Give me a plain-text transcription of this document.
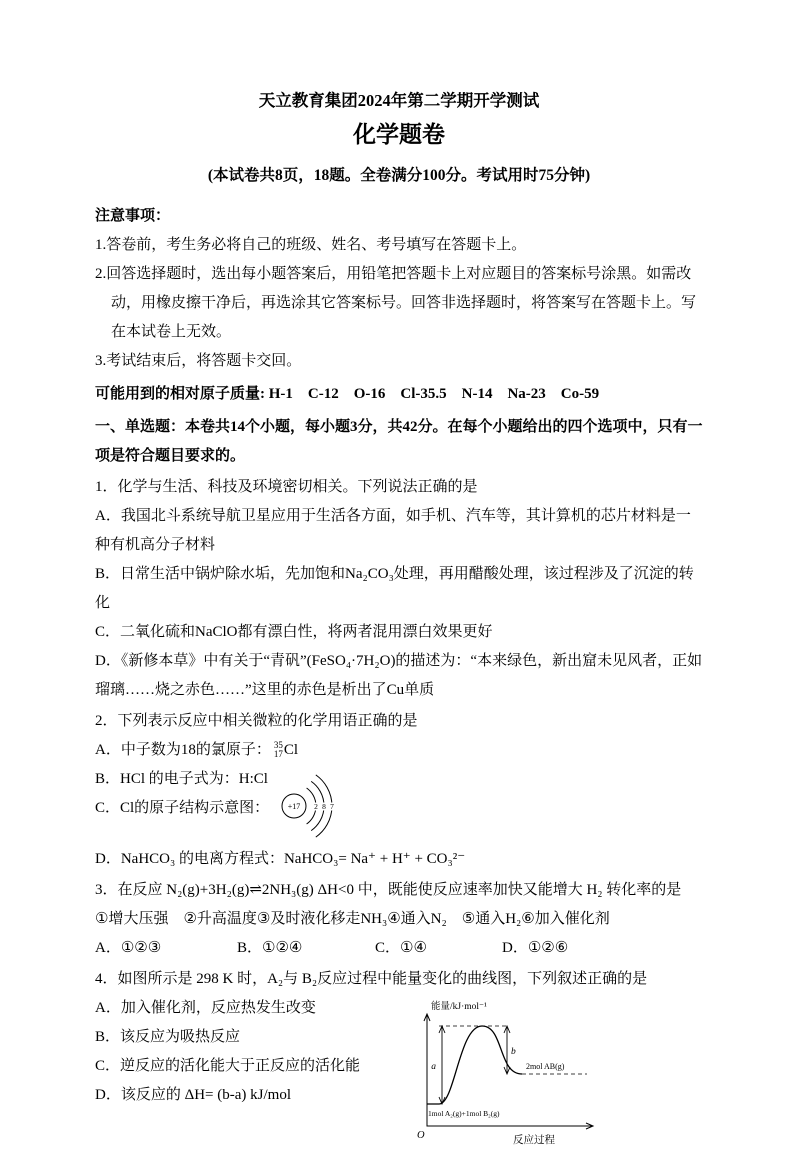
天立教育集团2024年第二学期开学测试

化学题卷

(本试卷共8页，18题。全卷满分100分。考试用时75分钟)

注意事项：

1.答卷前，考生务必将自己的班级、姓名、考号填写在答题卡上。

2.回答选择题时，选出每小题答案后，用铅笔把答题卡上对应题目的答案标号涂黑。如需改动，用橡皮擦干净后，再选涂其它答案标号。回答非选择题时，将答案写在答题卡上。写在本试卷上无效。

3.考试结束后，将答题卡交回。

可能用到的相对原子质量: H-1　C-12　O-16　Cl-35.5　N-14　Na-23　Co-59

一、单选题：本卷共14个小题，每小题3分，共42分。在每个小题给出的四个选项中，只有一项是符合题目要求的。

1．化学与生活、科技及环境密切相关。下列说法正确的是

A．我国北斗系统导航卫星应用于生活各方面，如手机、汽车等，其计算机的芯片材料是一种有机高分子材料

B．日常生活中锅炉除水垢，先加饱和Na₂CO₃处理，再用醋酸处理，该过程涉及了沉淀的转化

C．二氧化硫和NaClO都有漂白性，将两者混用漂白效果更好

D．《新修本草》中有关于“青矾”(FeSO₄·7H₂O)的描述为：“本来绿色，新出窟未见风者，正如瑠璃……烧之赤色……”这里的赤色是析出了Cu单质

2．下列表示反应中相关微粒的化学用语正确的是

A．中子数为18的氯原子： 35
17 Cl

B．HCl 的电子式为：H:Cl

C．Cl的原子结构示意图： +17 2 8 7

D．NaHCO₃ 的电离方程式：NaHCO₃= Na⁺ + H⁺ + CO₃²⁻

3．在反应 N₂(g)+3H₂(g)⇌2NH₃(g) ΔH<0 中，既能使反应速率加快又能增大 H₂ 转化率的是

①增大压强　②升高温度③及时液化移走NH₃④通入N₂　⑤通入H₂⑥加入催化剂

A．①②③	B．①②④	C．①④	D．①②⑥

4．如图所示是 298 K 时，A₂与 B₂反应过程中能量变化的曲线图，下列叙述正确的是

A．加入催化剂，反应热发生改变

B．该反应为吸热反应

C．逆反应的活化能大于正反应的活化能

D．该反应的 ΔH= (b-a) kJ/mol

能量/kJ·mol⁻¹
反应过程
O
a
b
2mol AB(g)
1mol A₂(g)+1mol B₂(g)
